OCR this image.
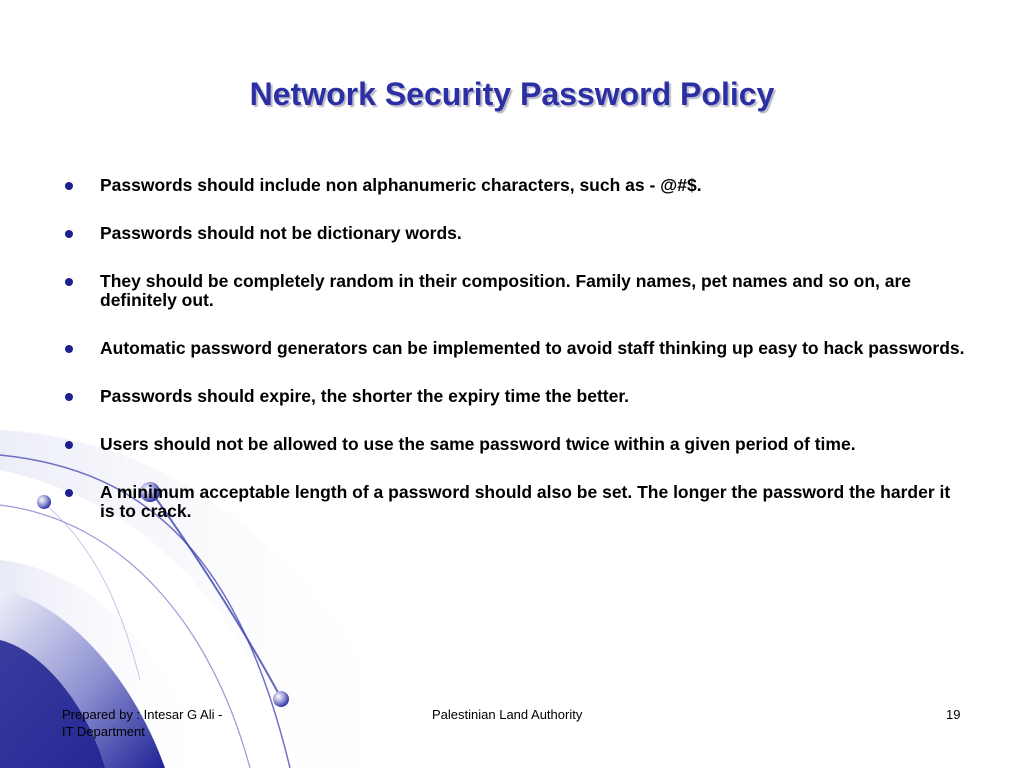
Network Security Password Policy
Passwords should include non alphanumeric characters, such as - @#$.
Passwords should not be dictionary words.
They should be completely random in their composition. Family names, pet names and so on, are definitely out.
Automatic password generators can be implemented to avoid staff thinking up easy to hack passwords.
Passwords should expire, the shorter the expiry time the better.
Users should not be allowed to use the same password twice within a given period of time.
A minimum acceptable length of a password should also be set. The longer the password the harder it is to crack.
Prepared by : Intesar G Ali -
IT Department
Palestinian Land Authority	19
